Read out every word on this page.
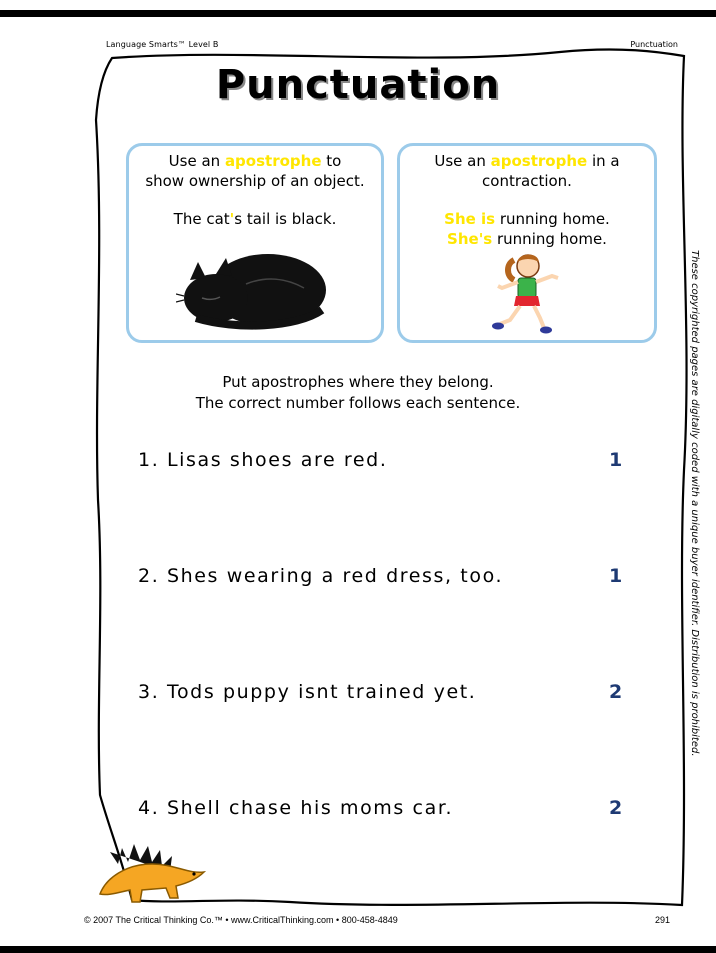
Language Smarts™ Level B	Punctuation
Punctuation
Use an apostrophe to
show ownership of an object.
The cat's tail is black.
Use an apostrophe in a
contraction.
She is running home.
She's running home.
Put apostrophes where they belong.
The correct number follows each sentence.
1. Lisas shoes are red.	1
2. Shes wearing a red dress, too.	1
3. Tods puppy isnt trained yet.	2
4. Shell chase his moms car.	2
These copyrighted pages are digitally coded with a unique buyer identifier. Distribution is prohibited.
© 2007 The Critical Thinking Co.™ • www.CriticalThinking.com • 800-458-4849	291
